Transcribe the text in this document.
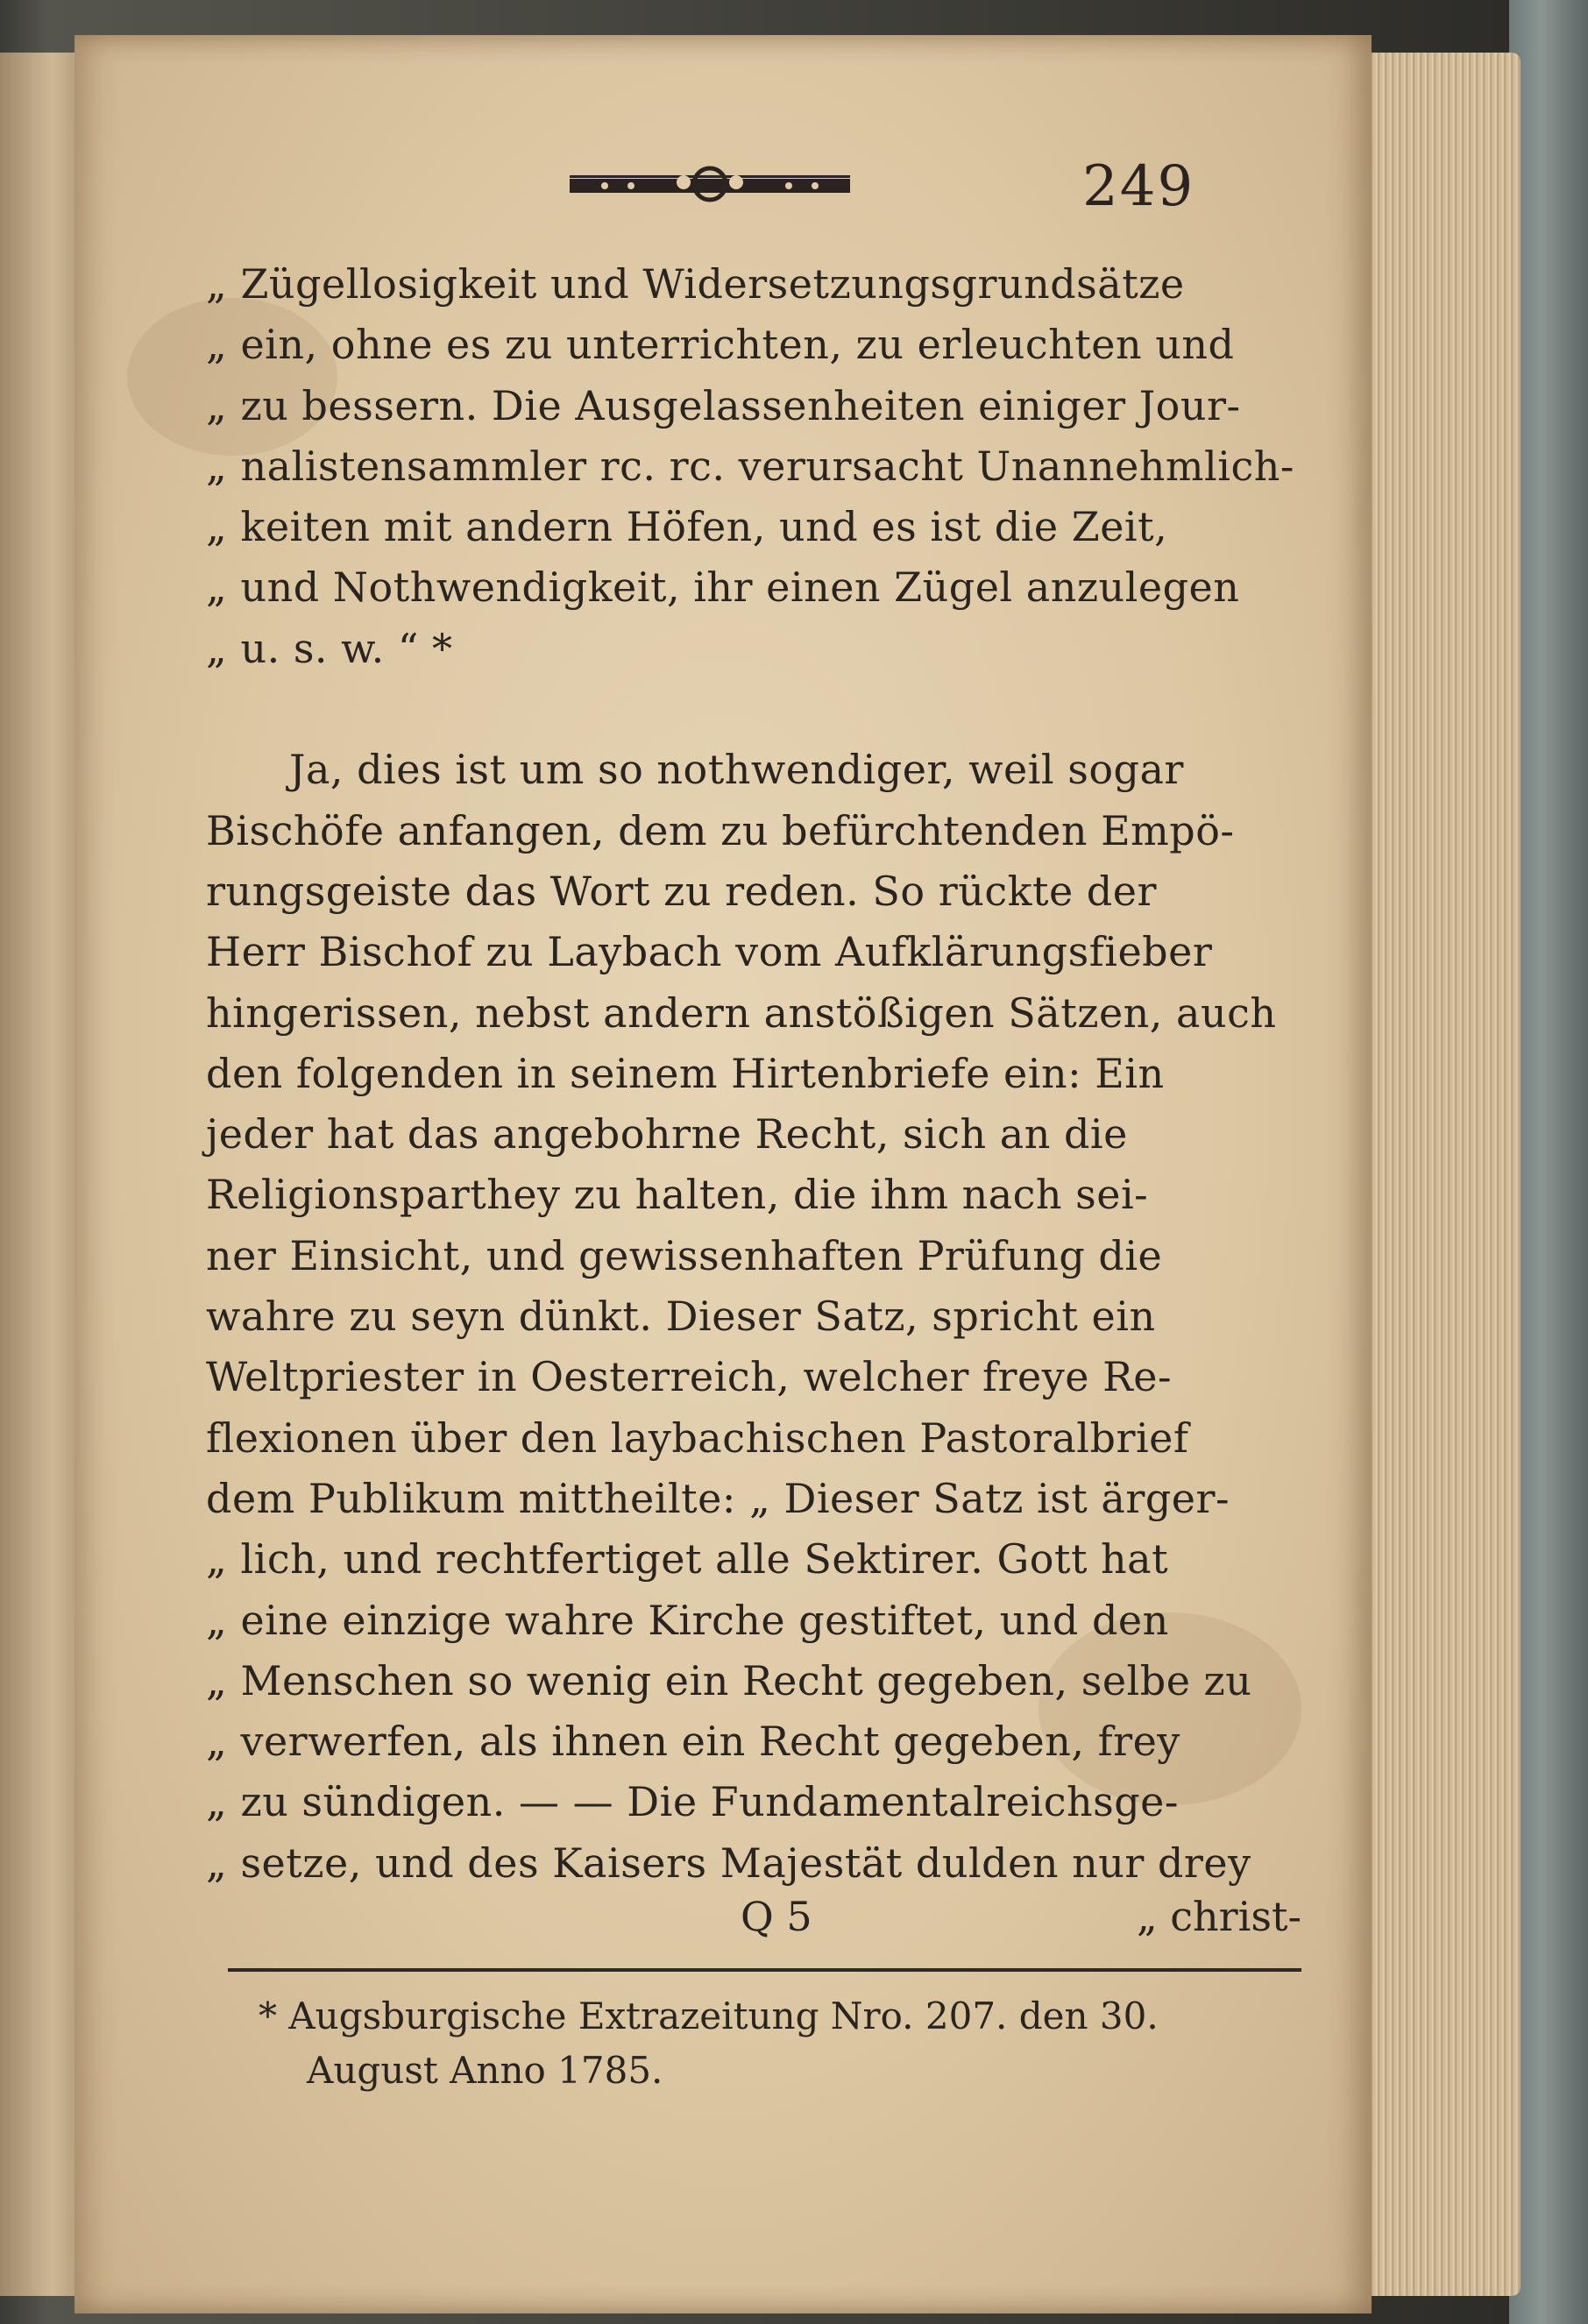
249
„ Zügellosigkeit und Widersetzungsgrundsätze
„ ein, ohne es zu unterrichten, zu erleuchten und
„ zu bessern. Die Ausgelassenheiten einiger Jour-
„ nalistensammler rc. rc. verursacht Unannehmlich-
„ keiten mit andern Höfen, und es ist die Zeit,
„ und Nothwendigkeit, ihr einen Zügel anzulegen
„ u. s. w. “ *
Ja, dies ist um so nothwendiger, weil sogar
Bischöfe anfangen, dem zu befürchtenden Empö-
rungsgeiste das Wort zu reden. So rückte der
Herr Bischof zu Laybach vom Aufklärungsfieber
hingerissen, nebst andern anstößigen Sätzen, auch
den folgenden in seinem Hirtenbriefe ein: Ein
jeder hat das angebohrne Recht, sich an die
Religionsparthey zu halten, die ihm nach sei-
ner Einsicht, und gewissenhaften Prüfung die
wahre zu seyn dünkt. Dieser Satz, spricht ein
Weltpriester in Oesterreich, welcher freye Re-
flexionen über den laybachischen Pastoralbrief
dem Publikum mittheilte: „ Dieser Satz ist ärger-
„ lich, und rechtfertiget alle Sektirer. Gott hat
„ eine einzige wahre Kirche gestiftet, und den
„ Menschen so wenig ein Recht gegeben, selbe zu
„ verwerfen, als ihnen ein Recht gegeben, frey
„ zu sündigen. — — Die Fundamentalreichsge-
„ setze, und des Kaisers Majestät dulden nur drey
Q 5	„ christ-
* Augsburgische Extrazeitung Nro. 207. den 30.
August Anno 1785.
